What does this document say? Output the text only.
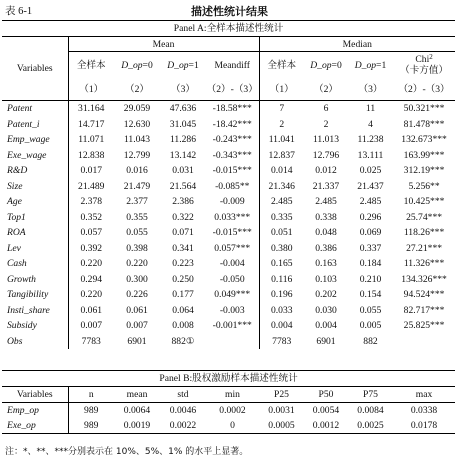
表 6-1	描述性统计结果
Panel A:全样本描述性统计								
Variables	Mean				Median			
	全样本	D_op=0	D_op=1	Meandiff	全样本	D_op=0	D_op=1	Chi$^2$（卡方值）
	（1）	（2）	（3）	（2）-（3）	（1）	（2）	（3）	（2）-（3）
Patent	31.164	29.059	47.636	-18.58***	7	6	11	50.321***
Patent_i	14.717	12.630	31.045	-18.42***	2	2	4	81.478***
Emp_wage	11.071	11.043	11.286	-0.243***	11.041	11.013	11.238	132.673***
Exe_wage	12.838	12.799	13.142	-0.343***	12.837	12.796	13.111	163.99***
R&D	0.017	0.016	0.031	-0.015***	0.014	0.012	0.025	312.19***
Size	21.489	21.479	21.564	-0.085**	21.346	21.337	21.437	5.256**
Age	2.378	2.377	2.386	-0.009	2.485	2.485	2.485	10.425***
Top1	0.352	0.355	0.322	0.033***	0.335	0.338	0.296	25.74***
ROA	0.057	0.055	0.071	-0.015***	0.051	0.048	0.069	118.26***
Lev	0.392	0.398	0.341	0.057***	0.380	0.386	0.337	27.21***
Cash	0.220	0.220	0.223	-0.004	0.165	0.163	0.184	11.326***
Growth	0.294	0.300	0.250	-0.050	0.116	0.103	0.210	134.326***
Tangibility	0.220	0.226	0.177	0.049***	0.196	0.202	0.154	94.524***
Insti_share	0.061	0.061	0.064	-0.003	0.033	0.030	0.055	82.717***
Subsidy	0.007	0.007	0.008	-0.001***	0.004	0.004	0.005	25.825***
Obs	7783	6901	882①		7783	6901	882	
Panel B:股权激励样本描述性统计								
Variables	n	mean	std	min	P25	P50	P75	max
Emp_op	989	0.0064	0.0046	0.0002	0.0031	0.0054	0.0084	0.0338
Exe_op	989	0.0019	0.0022	0	0.0005	0.0012	0.0025	0.0178
注：*、**、***分别表示在 10%、5%、1% 的水平上显著。
